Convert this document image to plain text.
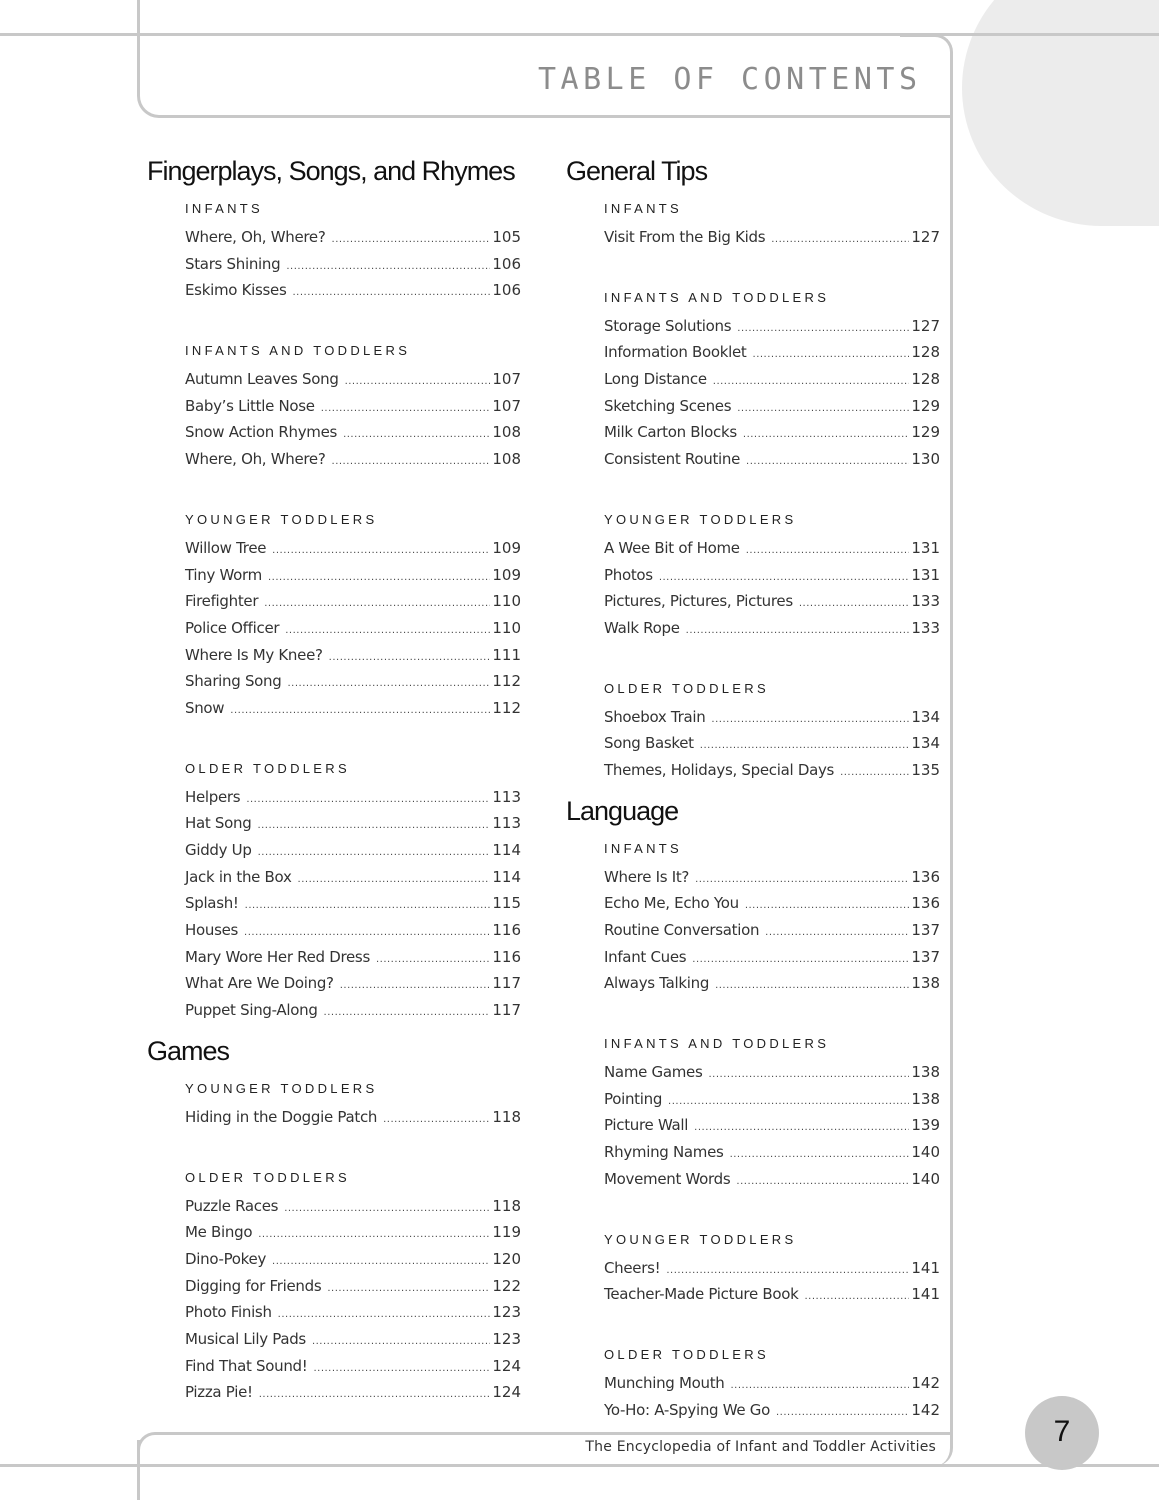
TABLE OF CONTENTS
Fingerplays, Songs, and Rhymes
INFANTS
Where, Oh, Where? .....	105
Stars Shining .....	106
Eskimo Kisses .....	106
INFANTS AND TODDLERS
Autumn Leaves Song .....	107
Baby’s Little Nose .....	107
Snow Action Rhymes .....	108
Where, Oh, Where? .....	108
YOUNGER TODDLERS
Willow Tree .....	109
Tiny Worm .....	109
Firefighter .....	110
Police Officer .....	110
Where Is My Knee? .....	111
Sharing Song .....	112
Snow .....	112
OLDER TODDLERS
Helpers .....	113
Hat Song .....	113
Giddy Up .....	114
Jack in the Box .....	114
Splash! .....	115
Houses .....	116
Mary Wore Her Red Dress .....	116
What Are We Doing? .....	117
Puppet Sing-Along .....	117
Games
YOUNGER TODDLERS
Hiding in the Doggie Patch .....	118
OLDER TODDLERS
Puzzle Races .....	118
Me Bingo .....	119
Dino-Pokey .....	120
Digging for Friends .....	122
Photo Finish .....	123
Musical Lily Pads .....	123
Find That Sound! .....	124
Pizza Pie! .....	124
General Tips
INFANTS
Visit From the Big Kids .....	127
INFANTS AND TODDLERS
Storage Solutions .....	127
Information Booklet .....	128
Long Distance .....	128
Sketching Scenes .....	129
Milk Carton Blocks .....	129
Consistent Routine .....	130
YOUNGER TODDLERS
A Wee Bit of Home .....	131
Photos .....	131
Pictures, Pictures, Pictures .....	133
Walk Rope .....	133
OLDER TODDLERS
Shoebox Train .....	134
Song Basket .....	134
Themes, Holidays, Special Days .....	135
Language
INFANTS
Where Is It? .....	136
Echo Me, Echo You .....	136
Routine Conversation .....	137
Infant Cues .....	137
Always Talking .....	138
INFANTS AND TODDLERS
Name Games .....	138
Pointing .....	138
Picture Wall .....	139
Rhyming Names .....	140
Movement Words .....	140
YOUNGER TODDLERS
Cheers! .....	141
Teacher-Made Picture Book .....	141
OLDER TODDLERS
Munching Mouth .....	142
Yo-Ho: A-Spying We Go .....	142
The Encyclopedia of Infant and Toddler Activities	7
